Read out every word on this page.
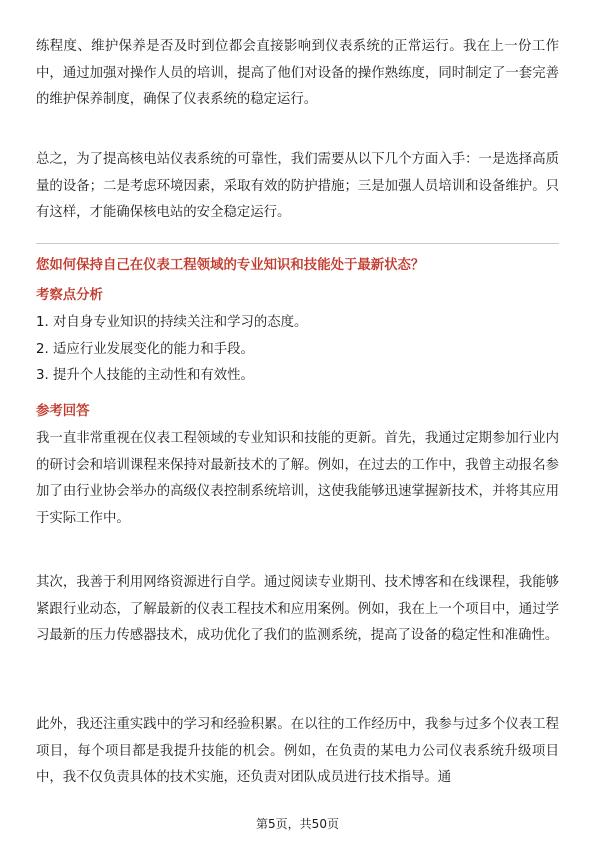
练程度、维护保养是否及时到位都会直接影响到仪表系统的正常运行。我在上一份工作中，通过加强对操作人员的培训，提高了他们对设备的操作熟练度，同时制定了一套完善的维护保养制度，确保了仪表系统的稳定运行。

总之，为了提高核电站仪表系统的可靠性，我们需要从以下几个方面入手：一是选择高质量的设备；二是考虑环境因素，采取有效的防护措施；三是加强人员培训和设备维护。只有这样，才能确保核电站的安全稳定运行。

您如何保持自己在仪表工程领域的专业知识和技能处于最新状态？

考察点分析

1. 对自身专业知识的持续关注和学习的态度。
2. 适应行业发展变化的能力和手段。
3. 提升个人技能的主动性和有效性。

参考回答

我一直非常重视在仪表工程领域的专业知识和技能的更新。首先，我通过定期参加行业内的研讨会和培训课程来保持对最新技术的了解。例如，在过去的工作中，我曾主动报名参加了由行业协会举办的高级仪表控制系统培训，这使我能够迅速掌握新技术，并将其应用于实际工作中。

其次，我善于利用网络资源进行自学。通过阅读专业期刊、技术博客和在线课程，我能够紧跟行业动态，了解最新的仪表工程技术和应用案例。例如，我在上一个项目中，通过学习最新的压力传感器技术，成功优化了我们的监测系统，提高了设备的稳定性和准确性。

此外，我还注重实践中的学习和经验积累。在以往的工作经历中，我参与过多个仪表工程项目，每个项目都是我提升技能的机会。例如，在负责的某电力公司仪表系统升级项目中，我不仅负责具体的技术实施，还负责对团队成员进行技术指导。通

第5页，共50页
